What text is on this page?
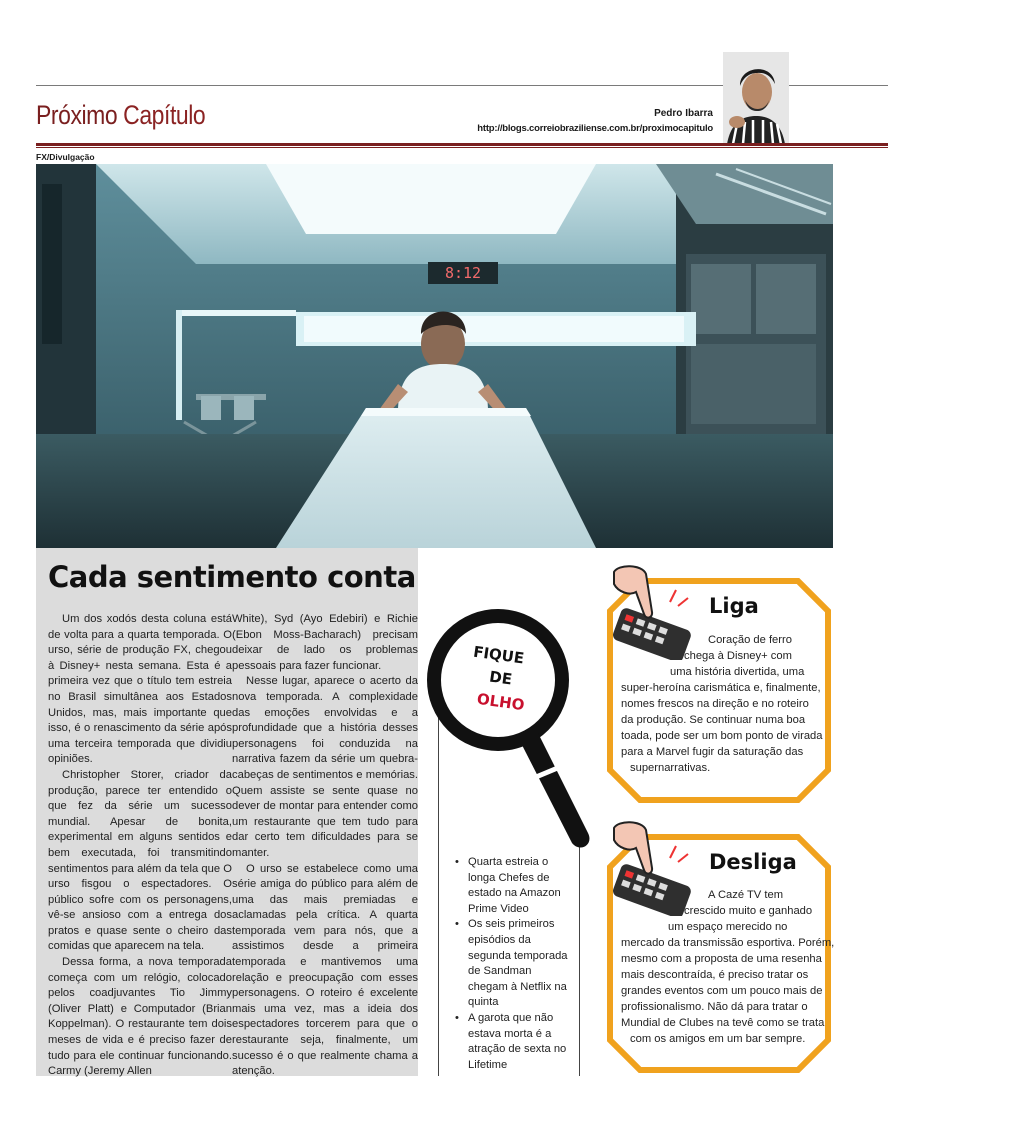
Próximo Capítulo	Pedro Ibarra
http://blogs.correiobraziliense.com.br/proximocapitulo
FX/Divulgação
8:12
Cada sentimento conta

Um dos xodós desta coluna está de volta para a quarta temporada. O urso, série de produção FX, chegou à Disney+ nesta semana. Esta é a primeira vez que o título tem estreia no Brasil simultânea aos Estados Unidos, mas, mais importante que isso, é o renascimento da série após uma terceira temporada que dividiu opiniões.

Christopher Storer, criador da produção, parece ter entendido o que fez da série um sucesso mundial. Apesar de bonita, experimental em alguns sentidos e bem executada, foi transmitindo sentimentos para além da tela que O urso fisgou o espectadores. O público sofre com os personagens, vê-se ansioso com a entrega dos pratos e quase sente o cheiro das comidas que aparecem na tela.

Dessa forma, a nova temporada começa com um relógio, colocado pelos coadjuvantes Tio Jimmy (Oliver Platt) e Computador (Brian Koppelman). O restaurante tem dois meses de vida e é preciso fazer de tudo para ele continuar funcionando. Carmy (Jeremy Allen

White), Syd (Ayo Edebiri) e Richie (Ebon Moss-Bacharach) precisam deixar de lado os problemas pessoais para fazer funcionar.

Nesse lugar, aparece o acerto da nova temporada. A complexidade das emoções envolvidas e a profundidade que a história desses personagens foi conduzida na narrativa fazem da série um quebra-cabeças de sentimentos e memórias. Quem assiste se sente quase no dever de montar para entender como um restaurante que tem tudo para dar certo tem dificuldades para se manter.

O urso se estabelece como uma série amiga do público para além de uma das mais premiadas e aclamadas pela crítica. A quarta temporada vem para nós, que a assistimos desde a primeira temporada e mantivemos uma relação e preocupação com esses personagens. O roteiro é excelente mais uma vez, mas a ideia dos espectadores torcerem para que o restaurante seja, finalmente, um sucesso é o que realmente chama a atenção.

FIQUE
DE
OLHO
• Quarta estreia o longa Chefes de estado na Amazon Prime Video
• Os seis primeiros episódios da segunda temporada de Sandman chegam à Netflix na quinta
• A garota que não estava morta é a atração de sexta no Lifetime
Liga
Coração de ferro
chega à Disney+ com
uma história divertida, uma
super-heroína carismática e, finalmente,
nomes frescos na direção e no roteiro
da produção. Se continuar numa boa
toada, pode ser um bom ponto de virada
para a Marvel fugir da saturação das
supernarrativas.
Desliga
A Cazé TV tem
crescido muito e ganhado
um espaço merecido no
mercado da transmissão esportiva. Porém,
mesmo com a proposta de uma resenha
mais descontraída, é preciso tratar os
grandes eventos com um pouco mais de
profissionalismo. Não dá para tratar o
Mundial de Clubes na tevê como se trata
com os amigos em um bar sempre.
